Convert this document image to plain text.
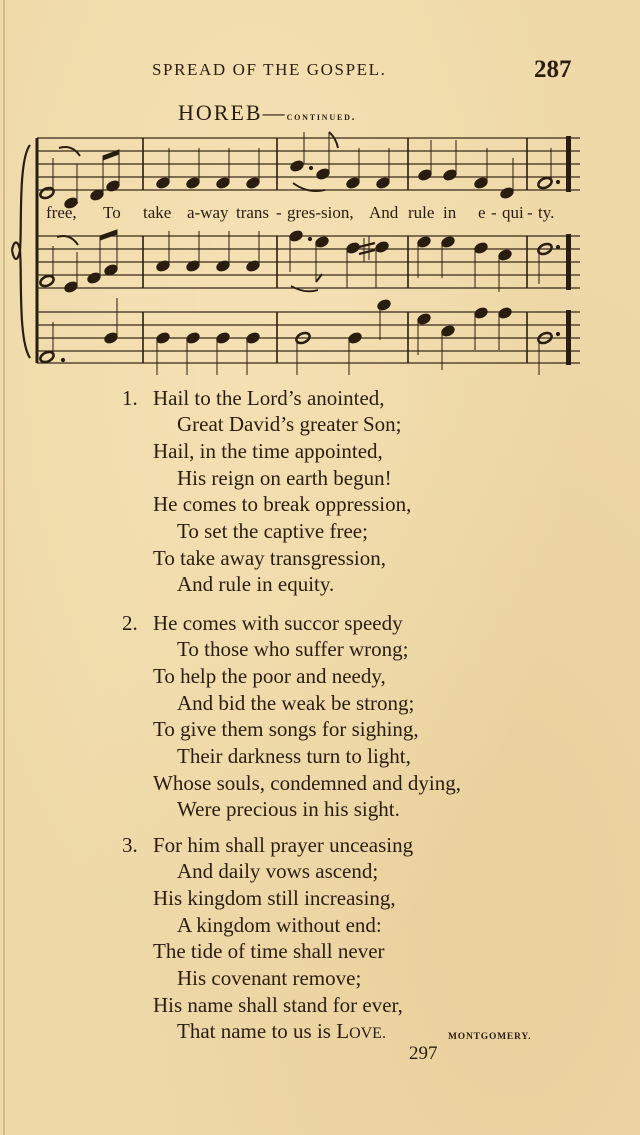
SPREAD OF THE GOSPEL.	287
HOREB—continued.
free, To take a-way trans - gres-sion, And rule in e - qui - ty.
1. Hail to the Lord’s anointed,
Great David’s greater Son;
Hail, in the time appointed,
His reign on earth begun!
He comes to break oppression,
To set the captive free;
To take away transgression,
And rule in equity.
2. He comes with succor speedy
To those who suffer wrong;
To help the poor and needy,
And bid the weak be strong;
To give them songs for sighing,
Their darkness turn to light,
Whose souls, condemned and dying,
Were precious in his sight.
3. For him shall prayer unceasing
And daily vows ascend;
His kingdom still increasing,
A kingdom without end:
The tide of time shall never
His covenant remove;
His name shall stand for ever,
That name to us is LOVE.	MONTGOMERY.
297
